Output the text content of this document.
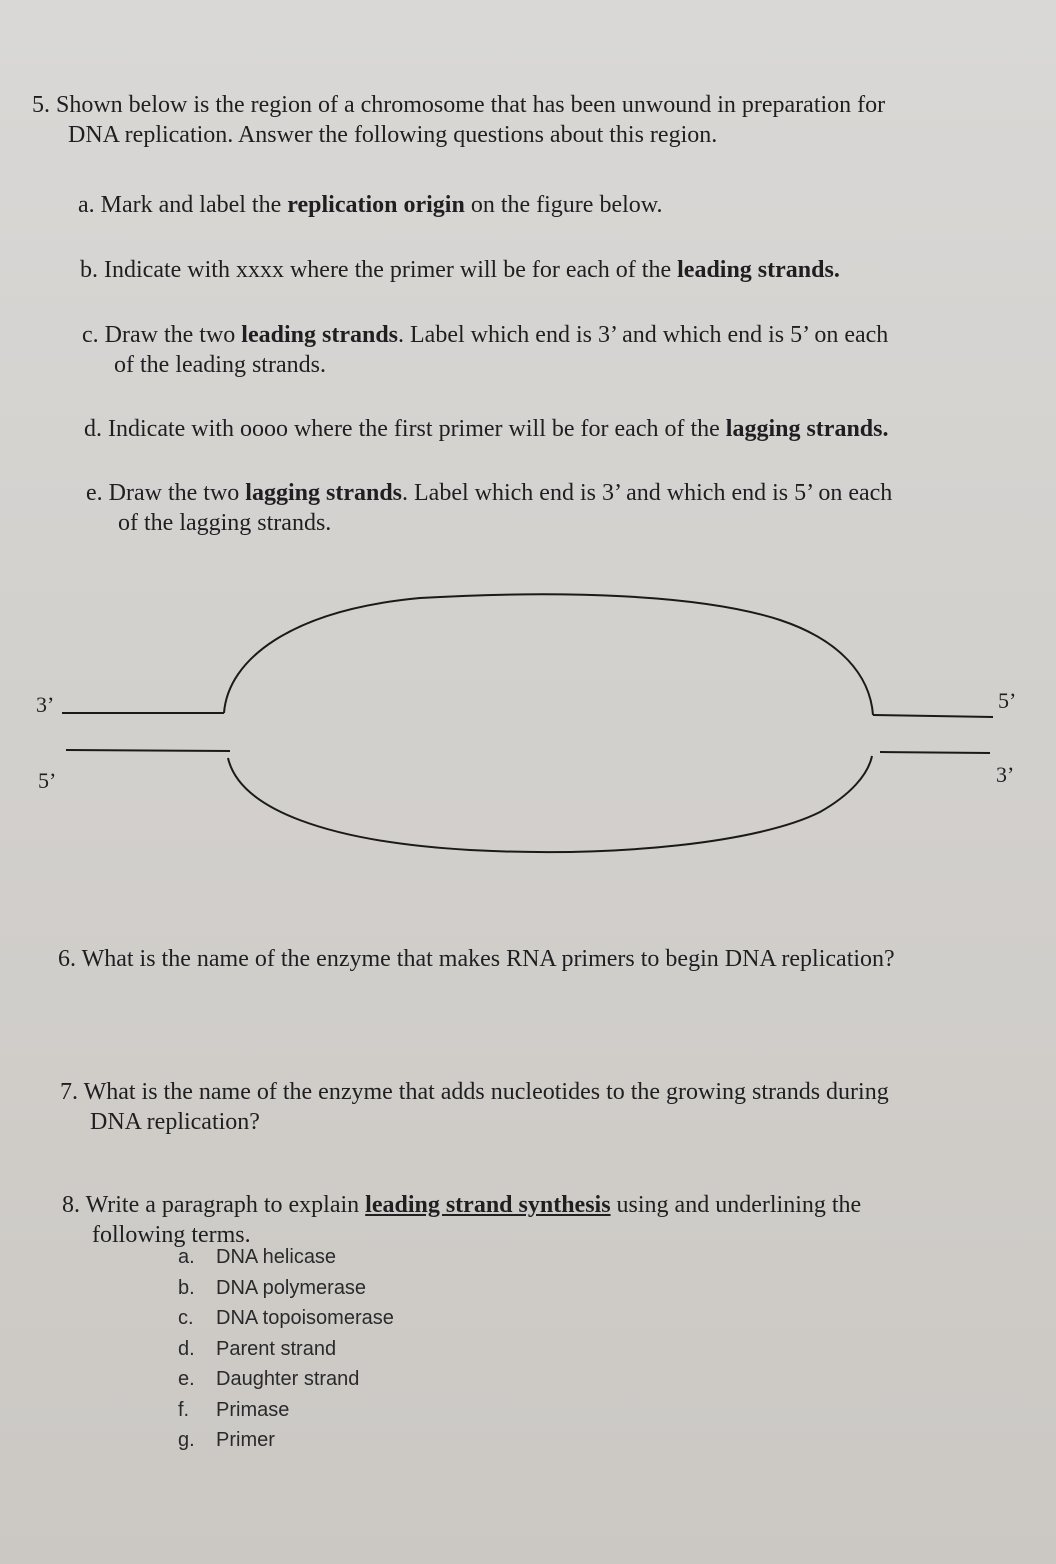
5. Shown below is the region of a chromosome that has been unwound in preparation for
DNA replication. Answer the following questions about this region.
a. Mark and label the replication origin on the figure below.
b. Indicate with xxxx where the primer will be for each of the leading strands.
c. Draw the two leading strands. Label which end is 3’ and which end is 5’ on each
of the leading strands.
d. Indicate with oooo where the first primer will be for each of the lagging strands.
e. Draw the two lagging strands. Label which end is 3’ and which end is 5’ on each
of the lagging strands.
3’
5’
5’
3’
6. What is the name of the enzyme that makes RNA primers to begin DNA replication?
7. What is the name of the enzyme that adds nucleotides to the growing strands during
DNA replication?
8. Write a paragraph to explain leading strand synthesis using and underlining the
following terms.
a.	DNA helicase
b.	DNA polymerase
c.	DNA topoisomerase
d.	Parent strand
e.	Daughter strand
f.	Primase
g.	Primer
